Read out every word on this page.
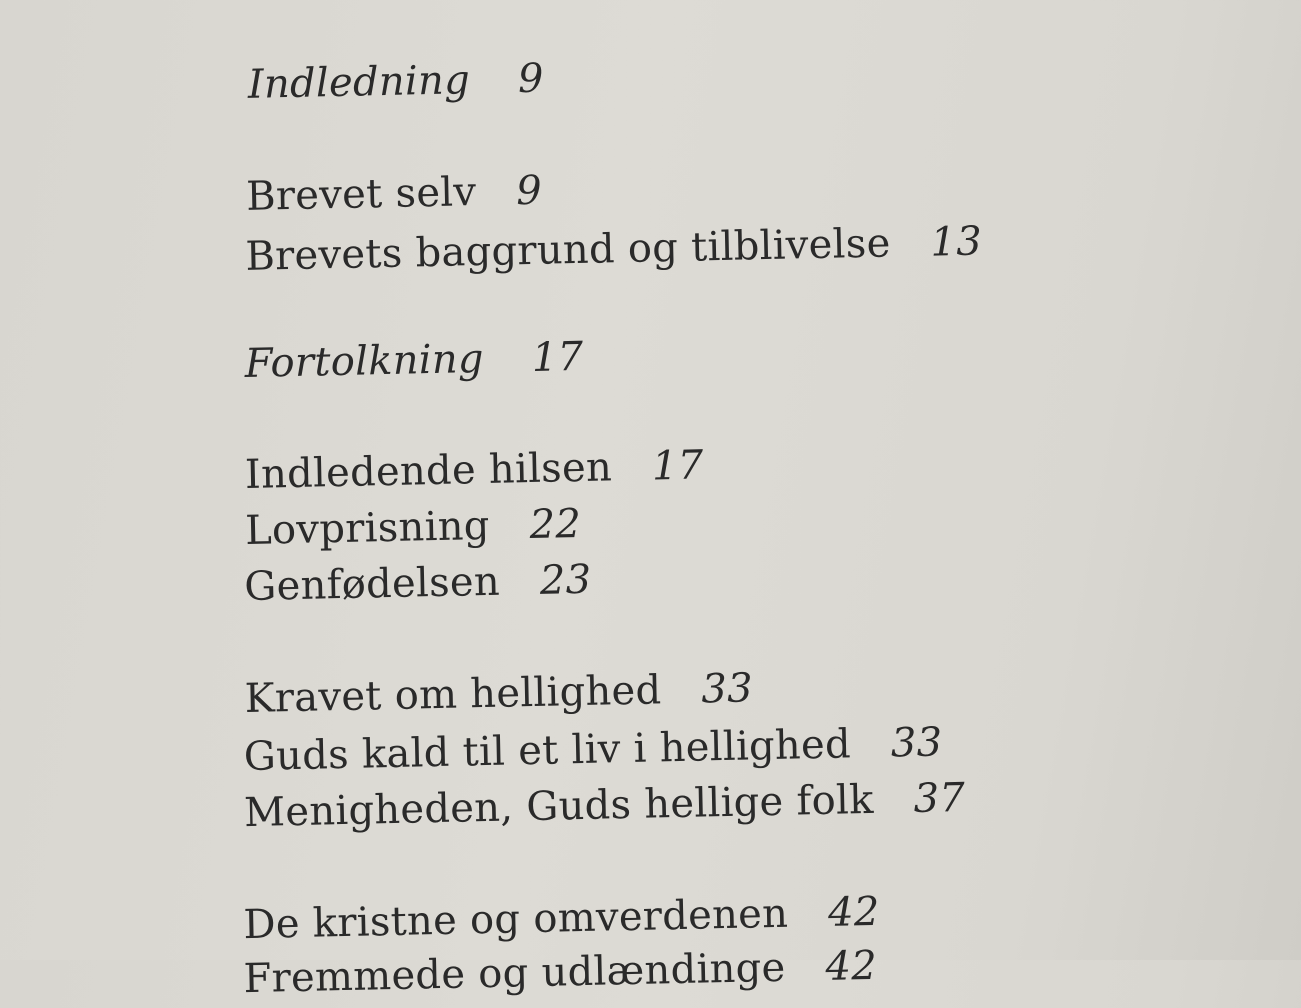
Indledning 9
Brevet selv 9
Brevets baggrund og tilblivelse 13
Fortolkning 17
Indledende hilsen 17
Lovprisning 22
Genfødelsen 23
Kravet om hellighed 33
Guds kald til et liv i hellighed 33
Menigheden, Guds hellige folk 37
De kristne og omverdenen 42
Fremmede og udlændinge 42
